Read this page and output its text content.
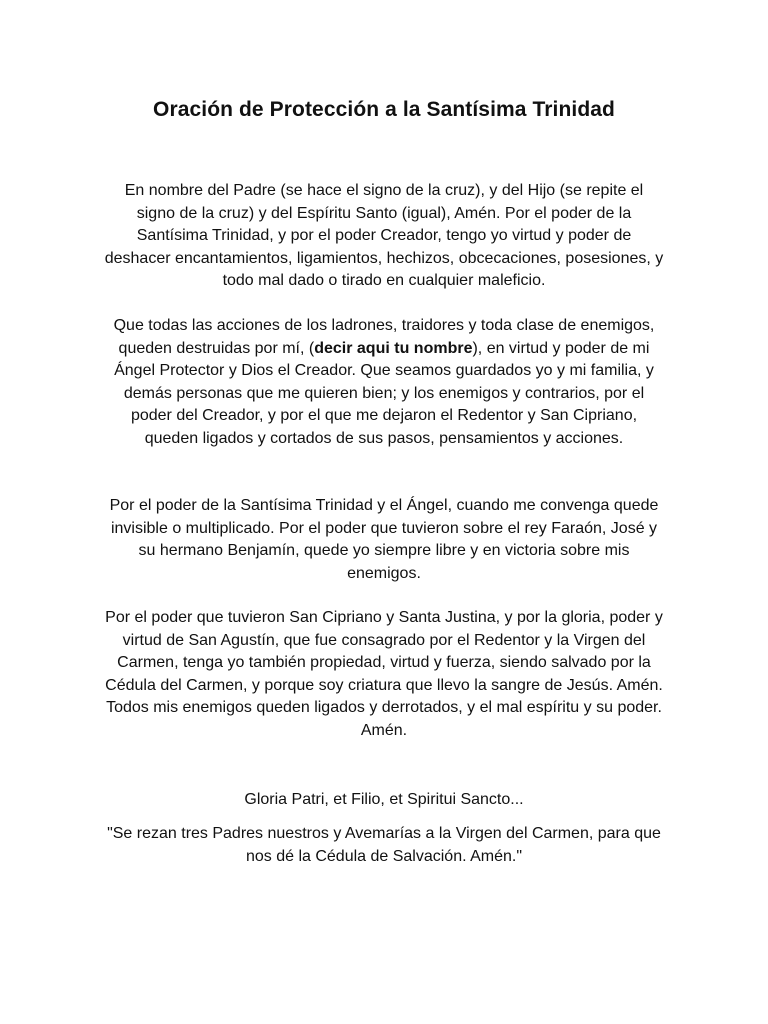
Oración de Protección a la Santísima Trinidad

En nombre del Padre (se hace el signo de la cruz), y del Hijo (se repite el signo de la cruz) y del Espíritu Santo (igual), Amén. Por el poder de la Santísima Trinidad, y por el poder Creador, tengo yo virtud y poder de deshacer encantamientos, ligamientos, hechizos, obcecaciones, posesiones, y todo mal dado o tirado en cualquier maleficio.

Que todas las acciones de los ladrones, traidores y toda clase de enemigos, queden destruidas por mí, (decir aqui tu nombre), en virtud y poder de mi Ángel Protector y Dios el Creador. Que seamos guardados yo y mi familia, y demás personas que me quieren bien; y los enemigos y contrarios, por el poder del Creador, y por el que me dejaron el Redentor y San Cipriano, queden ligados y cortados de sus pasos, pensamientos y acciones.

Por el poder de la Santísima Trinidad y el Ángel, cuando me convenga quede invisible o multiplicado. Por el poder que tuvieron sobre el rey Faraón, José y su hermano Benjamín, quede yo siempre libre y en victoria sobre mis enemigos.

Por el poder que tuvieron San Cipriano y Santa Justina, y por la gloria, poder y virtud de San Agustín, que fue consagrado por el Redentor y la Virgen del Carmen, tenga yo también propiedad, virtud y fuerza, siendo salvado por la Cédula del Carmen, y porque soy criatura que llevo la sangre de Jesús. Amén. Todos mis enemigos queden ligados y derrotados, y el mal espíritu y su poder. Amén.

Gloria Patri, et Filio, et Spiritui Sancto...

"Se rezan tres Padres nuestros y Avemarías a la Virgen del Carmen, para que nos dé la Cédula de Salvación. Amén."
